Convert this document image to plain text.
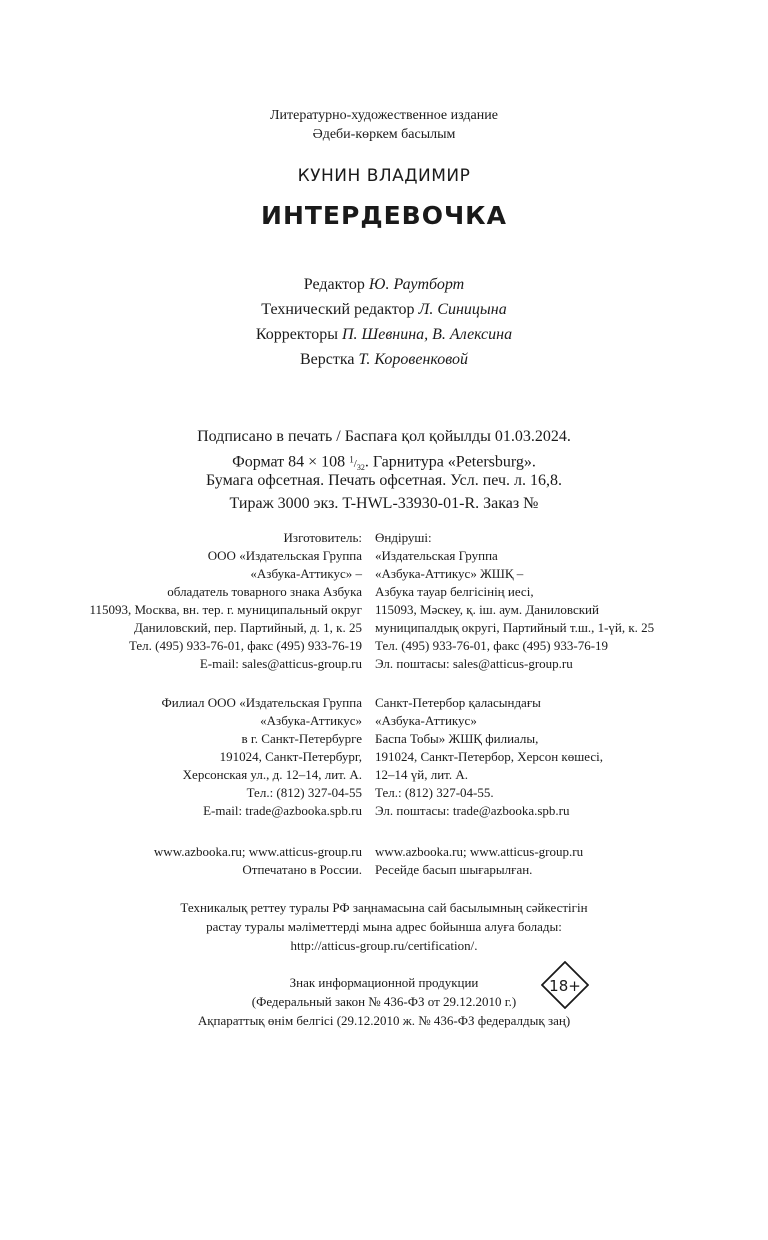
Литературно-художественное издание
Әдеби-көркем басылым
КУНИН ВЛАДИМИР
ИНТЕРДЕВОЧКА
Редактор Ю. Раутборт
Технический редактор Л. Синицына
Корректоры П. Шевнина, В. Алексина
Верстка Т. Коровенковой
Подписано в печать / Баспаға қол қойылды 01.03.2024.
Формат 84 × 108 $^1/_{32}$. Гарнитура «Petersburg».
Бумага офсетная. Печать офсетная. Усл. печ. л. 16,8.
Тираж 3000 экз. T-HWL-33930-01-R. Заказ №
Изготовитель:
ООО «Издательская Группа
«Азбука-Аттикус» –
обладатель товарного знака Азбука
115093, Москва, вн. тер. г. муниципальный округ
Даниловский, пер. Партийный, д. 1, к. 25
Тел. (495) 933-76-01, факс (495) 933-76-19
E-mail: sales@atticus-group.ru
Өндіруші:
«Издательская Группа
«Азбука-Аттикус» ЖШҚ –
Азбука тауар белгісінің иесі,
115093, Мәскеу, қ. іш. аум. Даниловский
муниципалдық округі, Партийный т.ш., 1-үй, к. 25
Тел. (495) 933-76-01, факс (495) 933-76-19
Эл. поштасы: sales@atticus-group.ru
Филиал ООО «Издательская Группа
«Азбука-Аттикус»
в г. Санкт-Петербурге
191024, Санкт-Петербург,
Херсонская ул., д. 12–14, лит. А.
Тел.: (812) 327-04-55
E-mail: trade@azbooka.spb.ru
Санкт-Петербор қаласындағы
«Азбука-Аттикус»
Баспа Тобы» ЖШҚ филиалы,
191024, Санкт-Петербор, Херсон көшесі,
12–14 үй, лит. А.
Тел.: (812) 327-04-55.
Эл. поштасы: trade@azbooka.spb.ru
www.azbooka.ru; www.atticus-group.ru
Отпечатано в России.
www.azbooka.ru; www.atticus-group.ru
Ресейде басып шығарылған.
Техникалық реттеу туралы РФ заңнамасына сай басылымның сәйкестігін
растау туралы мәліметтерді мына адрес бойынша алуға болады:
http://atticus-group.ru/certification/.
Знак информационной продукции
(Федеральный закон № 436-ФЗ от 29.12.2010 г.)
Ақпараттық өнім белгісі (29.12.2010 ж. № 436-ФЗ федералдық заң)
18+
